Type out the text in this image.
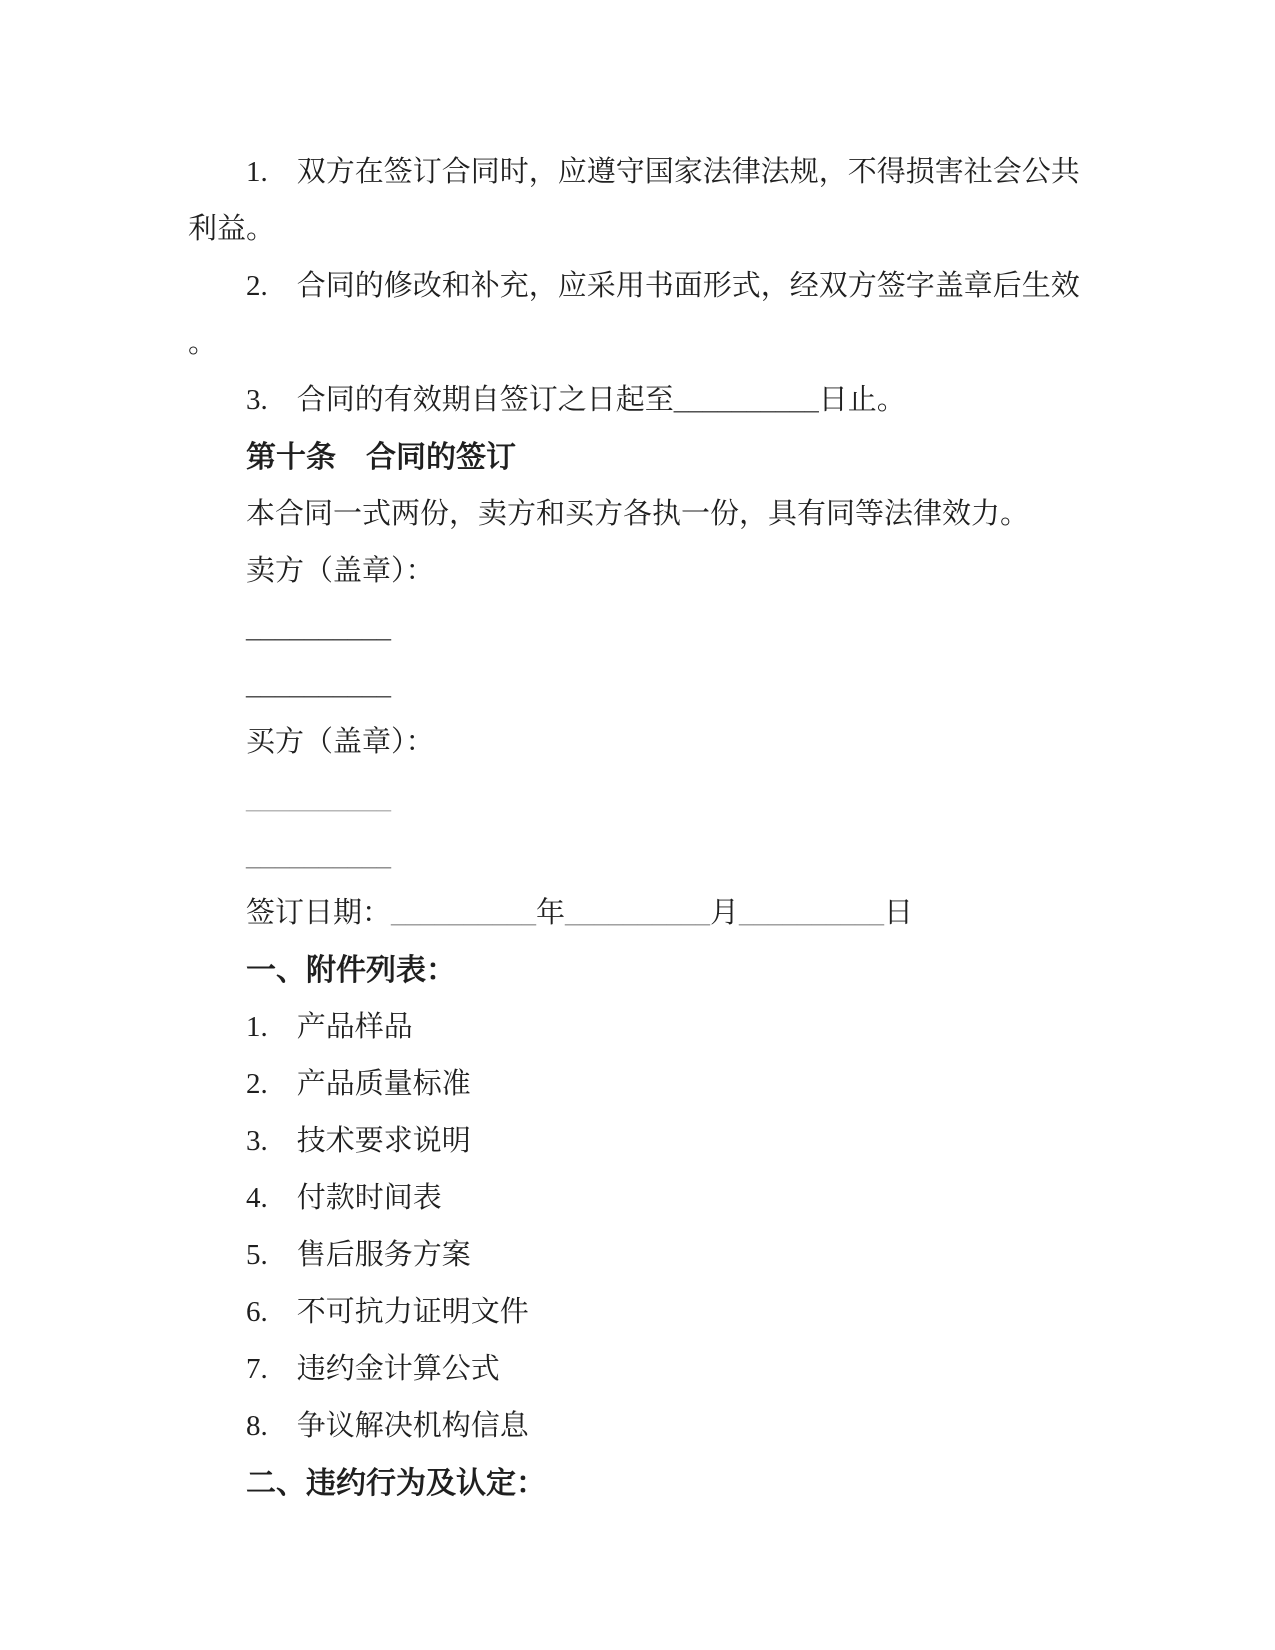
1.　双方在签订合同时，应遵守国家法律法规，不得损害社会公共

利益。

2.　合同的修改和补充，应采用书面形式，经双方签字盖章后生效

。

3.　合同的有效期自签订之日起至__________日止。

第十条　合同的签订

本合同一式两份，卖方和买方各执一份，具有同等法律效力。

卖方（盖章）：

__________

__________

买方（盖章）：

__________

__________

签订日期：__________年__________月__________日

一、附件列表：

1.　产品样品

2.　产品质量标准

3.　技术要求说明

4.　付款时间表

5.　售后服务方案

6.　不可抗力证明文件

7.　违约金计算公式

8.　争议解决机构信息

二、违约行为及认定：
